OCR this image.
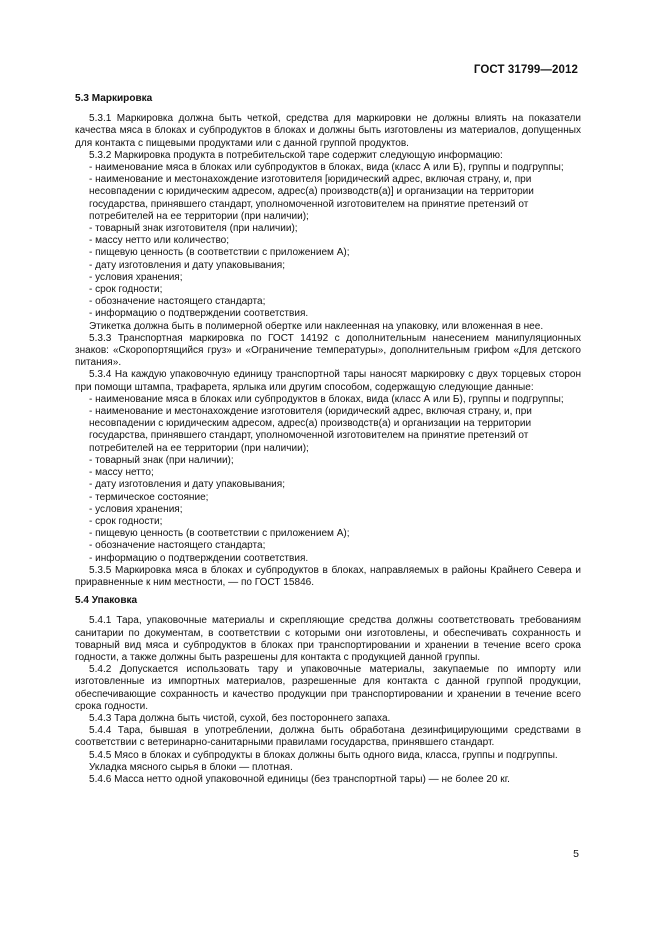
ГОСТ 31799—2012
5.3 Маркировка

5.3.1 Маркировка должна быть четкой, средства для маркировки не должны влиять на показатели качества мяса в блоках и субпродуктов в блоках и должны быть изготовлены из материалов, допущенных для контакта с пищевыми продуктами или с данной группой продуктов.

5.3.2 Маркировка продукта в потребительской таре содержит следующую информацию:

- наименование мяса в блоках или субпродуктов в блоках, вида (класс А или Б), группы и подгруппы;

- наименование и местонахождение изготовителя [юридический адрес, включая страну, и, при несовпадении с юридическим адресом, адрес(а) производств(а)] и организации на территории государства, принявшего стандарт, уполномоченной изготовителем на принятие претензий от потребителей на ее территории (при наличии);

- товарный знак изготовителя (при наличии);

- массу нетто или количество;

- пищевую ценность (в соответствии с приложением А);

- дату изготовления и дату упаковывания;

- условия хранения;

- срок годности;

- обозначение настоящего стандарта;

- информацию о подтверждении соответствия.

Этикетка должна быть в полимерной обертке или наклеенная на упаковку, или вложенная в нее.

5.3.3 Транспортная маркировка по ГОСТ 14192 с дополнительным нанесением манипуляционных знаков: «Скоропортящийся груз» и «Ограничение температуры», дополнительным грифом «Для детского питания».

5.3.4 На каждую упаковочную единицу транспортной тары наносят маркировку с двух торцевых сторон при помощи штампа, трафарета, ярлыка или другим способом, содержащую следующие данные:

- наименование мяса в блоках или субпродуктов в блоках, вида (класс А или Б), группы и подгруппы;

- наименование и местонахождение изготовителя (юридический адрес, включая страну, и, при несовпадении с юридическим адресом, адрес(а) производств(а) и организации на территории государства, принявшего стандарт, уполномоченной изготовителем на принятие претензий от потребителей на ее территории (при наличии);

- товарный знак (при наличии);

- массу нетто;

- дату изготовления и дату упаковывания;

- термическое состояние;

- условия хранения;

- срок годности;

- пищевую ценность (в соответствии с приложением А);

- обозначение настоящего стандарта;

- информацию о подтверждении соответствия.

5.3.5 Маркировка мяса в блоках и субпродуктов в блоках, направляемых в районы Крайнего Севера и приравненные к ним местности, — по ГОСТ 15846.

5.4 Упаковка

5.4.1 Тара, упаковочные материалы и скрепляющие средства должны соответствовать требованиям санитарии по документам, в соответствии с которыми они изготовлены, и обеспечивать сохранность и товарный вид мяса и субпродуктов в блоках при транспортировании и хранении в течение всего срока годности, а также должны быть разрешены для контакта с продукцией данной группы.

5.4.2 Допускается использовать тару и упаковочные материалы, закупаемые по импорту или изготовленные из импортных материалов, разрешенные для контакта с данной группой продукции, обеспечивающие сохранность и качество продукции при транспортировании и хранении в течение всего срока годности.

5.4.3 Тара должна быть чистой, сухой, без постороннего запаха.

5.4.4 Тара, бывшая в употреблении, должна быть обработана дезинфицирующими средствами в соответствии с ветеринарно-санитарными правилами государства, принявшего стандарт.

5.4.5 Мясо в блоках и субпродукты в блоках должны быть одного вида, класса, группы и подгруппы.

Укладка мясного сырья в блоки — плотная.

5.4.6 Масса нетто одной упаковочной единицы (без транспортной тары) — не более 20 кг.

5
